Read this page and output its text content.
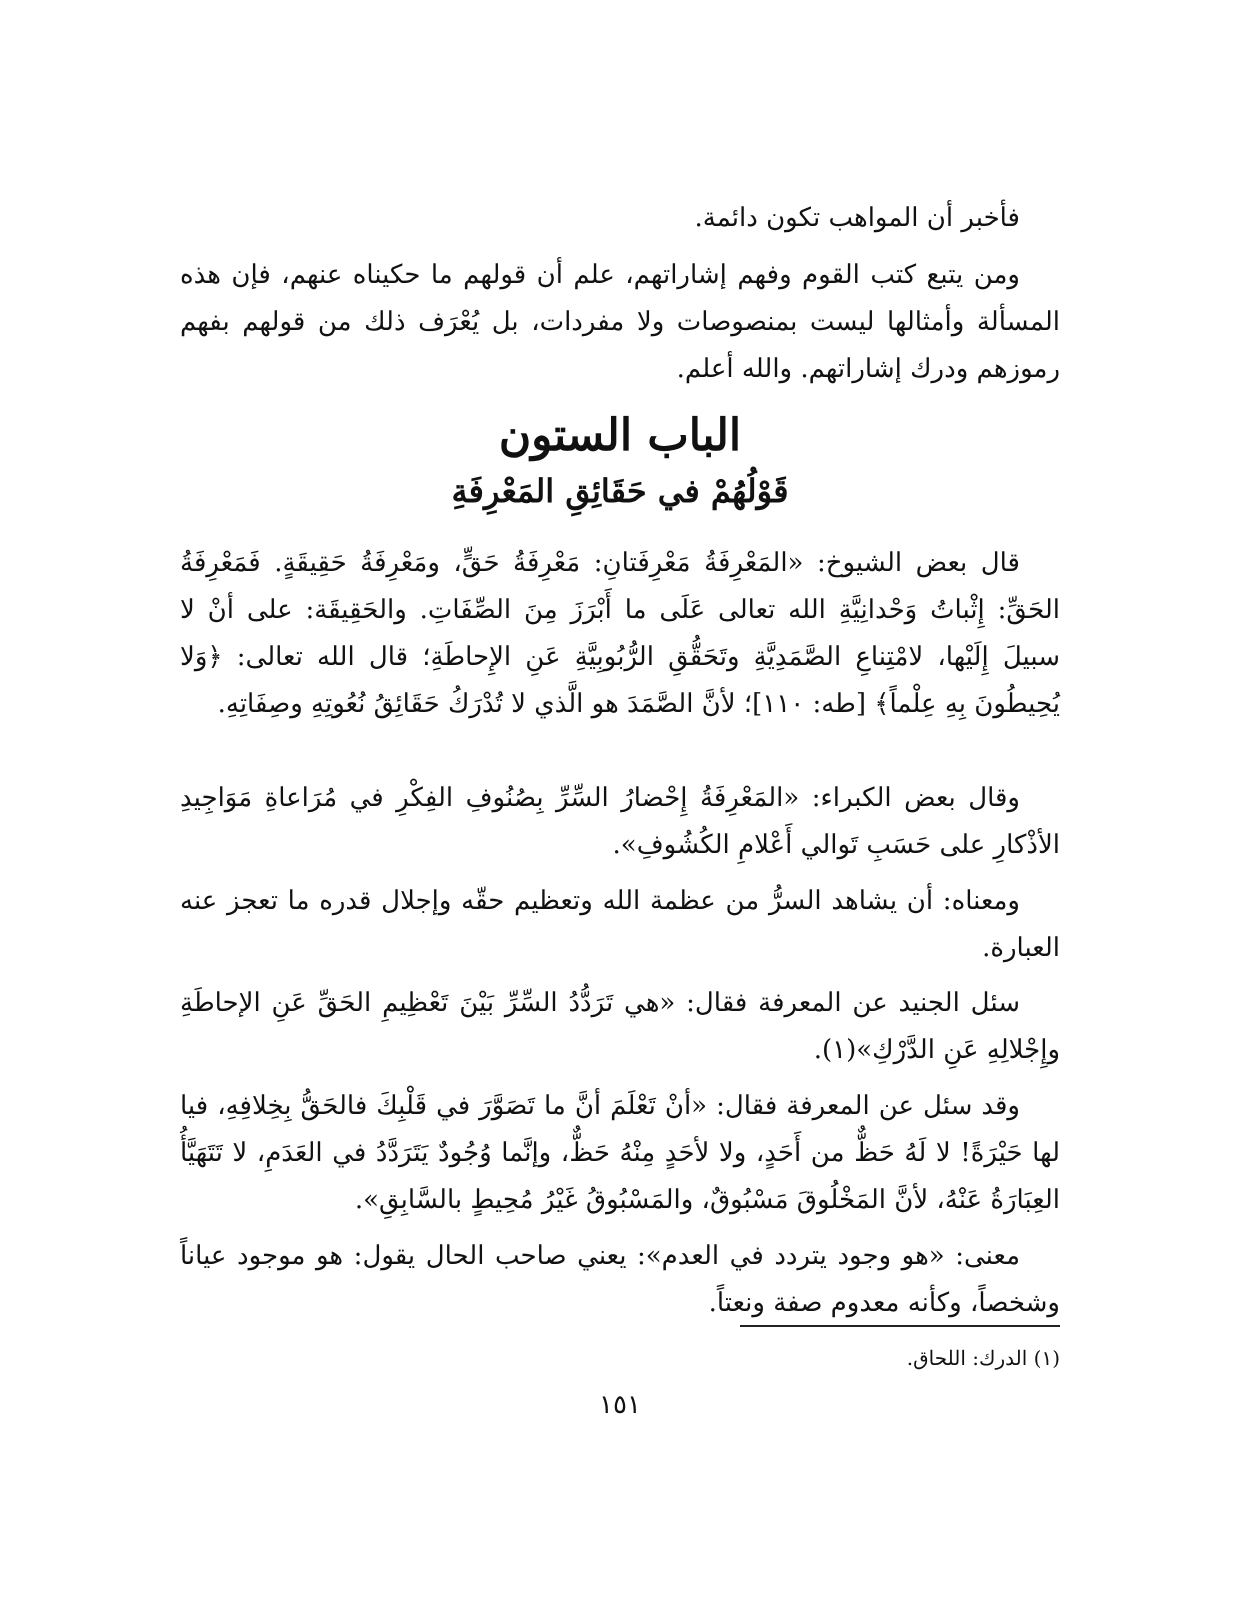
فأخبر أن المواهب تكون دائمة.

ومن يتبع كتب القوم وفهم إشاراتهم، علم أن قولهم ما حكيناه عنهم، فإن هذه المسألة وأمثالها ليست بمنصوصات ولا مفردات، بل يُعْرَف ذلك من قولهم بفهم رموزهم ودرك إشاراتهم. والله أعلم.

الباب الستون
قَوْلُهُمْ في حَقَائِقِ المَعْرِفَةِ

قال بعض الشيوخ: «المَعْرِفَةُ مَعْرِفَتانِ: مَعْرِفَةُ حَقٍّ، ومَعْرِفَةُ حَقِيقَةٍ. فَمَعْرِفَةُ الحَقِّ: إِثْباتُ وَحْدانِيَّةِ الله تعالى عَلَى ما أَبْرَزَ مِنَ الصِّفَاتِ. والحَقِيقَة: على أنْ لا سبيلَ إِلَيْها، لامْتِناعِ الصَّمَدِيَّةِ وتَحَقُّقِ الرُّبُوبِيَّةِ عَنِ الإِحاطَةِ؛ قال الله تعالى: ﴿وَلا يُحِيطُونَ بِهِ عِلْماً﴾ [طه: ١١٠]؛ لأنَّ الصَّمَدَ هو الَّذي لا تُدْرَكُ حَقَائِقُ نُعُوتِهِ وصِفَاتِهِ.

وقال بعض الكبراء: «المَعْرِفَةُ إِحْضارُ السِّرِّ بِصُنُوفِ الفِكْرِ في مُرَاعاةِ مَوَاجِيدِ الأذْكارِ على حَسَبِ تَوالي أَعْلامِ الكُشُوفِ».

ومعناه: أن يشاهد السرُّ من عظمة الله وتعظيم حقّه وإجلال قدره ما تعجز عنه العبارة.

سئل الجنيد عن المعرفة فقال: «هي تَرَدُّدُ السِّرِّ بَيْنَ تَعْظِيمِ الحَقِّ عَنِ الإحاطَةِ وإِجْلالِهِ عَنِ الدَّرْكِ»(١).

وقد سئل عن المعرفة فقال: «أنْ تَعْلَمَ أنَّ ما تَصَوَّرَ في قَلْبِكَ فالحَقُّ بِخِلافِهِ، فيا لها حَيْرَةً! لا لَهُ حَظٌّ من أَحَدٍ، ولا لأحَدٍ مِنْهُ حَظٌّ، وإنَّما وُجُودٌ يَتَرَدَّدُ في العَدَمِ، لا تَتَهَيَّأُ العِبَارَةُ عَنْهُ، لأنَّ المَخْلُوقَ مَسْبُوقٌ، والمَسْبُوقُ غَيْرُ مُحِيطٍ بالسَّابِقِ».

معنى: «هو وجود يتردد في العدم»: يعني صاحب الحال يقول: هو موجود عياناً وشخصاً، وكأنه معدوم صفة ونعتاً.

(١) الدرك: اللحاق.

١٥١
